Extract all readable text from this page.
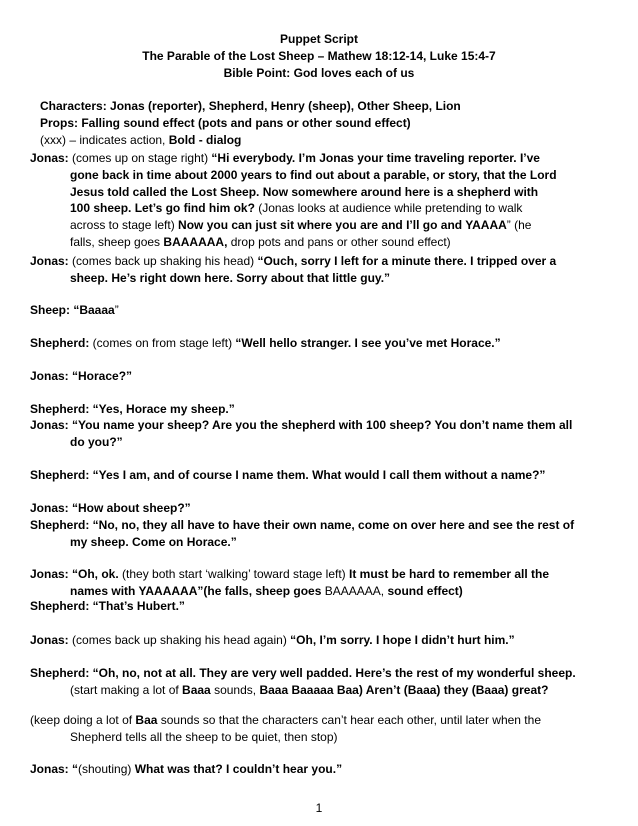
Puppet Script
The Parable of the Lost Sheep – Mathew 18:12-14, Luke 15:4-7
Bible Point: God loves each of us
Characters: Jonas (reporter), Shepherd, Henry (sheep), Other Sheep, Lion
Props: Falling sound effect (pots and pans or other sound effect)
(xxx) – indicates action, Bold - dialog
Jonas: (comes up on stage right) “Hi everybody. I’m Jonas your time traveling reporter. I’ve
gone back in time about 2000 years to find out about a parable, or story, that the Lord
Jesus told called the Lost Sheep. Now somewhere around here is a shepherd with
100 sheep. Let’s go find him ok? (Jonas looks at audience while pretending to walk
across to stage left) Now you can just sit where you are and I’ll go and YAAAA” (he
falls, sheep goes BAAAAAA, drop pots and pans or other sound effect)
Jonas: (comes back up shaking his head) “Ouch, sorry I left for a minute there. I tripped over a
sheep. He’s right down here. Sorry about that little guy.”
Sheep: “Baaaa”
Shepherd: (comes on from stage left) “Well hello stranger. I see you’ve met Horace.”
Jonas: “Horace?”
Shepherd: “Yes, Horace my sheep.”
Jonas: “You name your sheep? Are you the shepherd with 100 sheep? You don’t name them all
do you?”
Shepherd: “Yes I am, and of course I name them. What would I call them without a name?”
Jonas: “How about sheep?”
Shepherd: “No, no, they all have to have their own name, come on over here and see the rest of
my sheep. Come on Horace.”
Jonas: “Oh, ok. (they both start ‘walking’ toward stage left) It must be hard to remember all the
names with YAAAAAA”(he falls, sheep goes BAAAAAA, sound effect)
Shepherd: “That’s Hubert.”
Jonas: (comes back up shaking his head again) “Oh, I’m sorry. I hope I didn’t hurt him.”
Shepherd: “Oh, no, not at all. They are very well padded. Here’s the rest of my wonderful sheep.
(start making a lot of Baaa sounds, Baaa Baaaaa Baa) Aren’t (Baaa) they (Baaa) great?
(keep doing a lot of Baa sounds so that the characters can’t hear each other, until later when the
Shepherd tells all the sheep to be quiet, then stop)
Jonas: “(shouting) What was that? I couldn’t hear you.”
1
